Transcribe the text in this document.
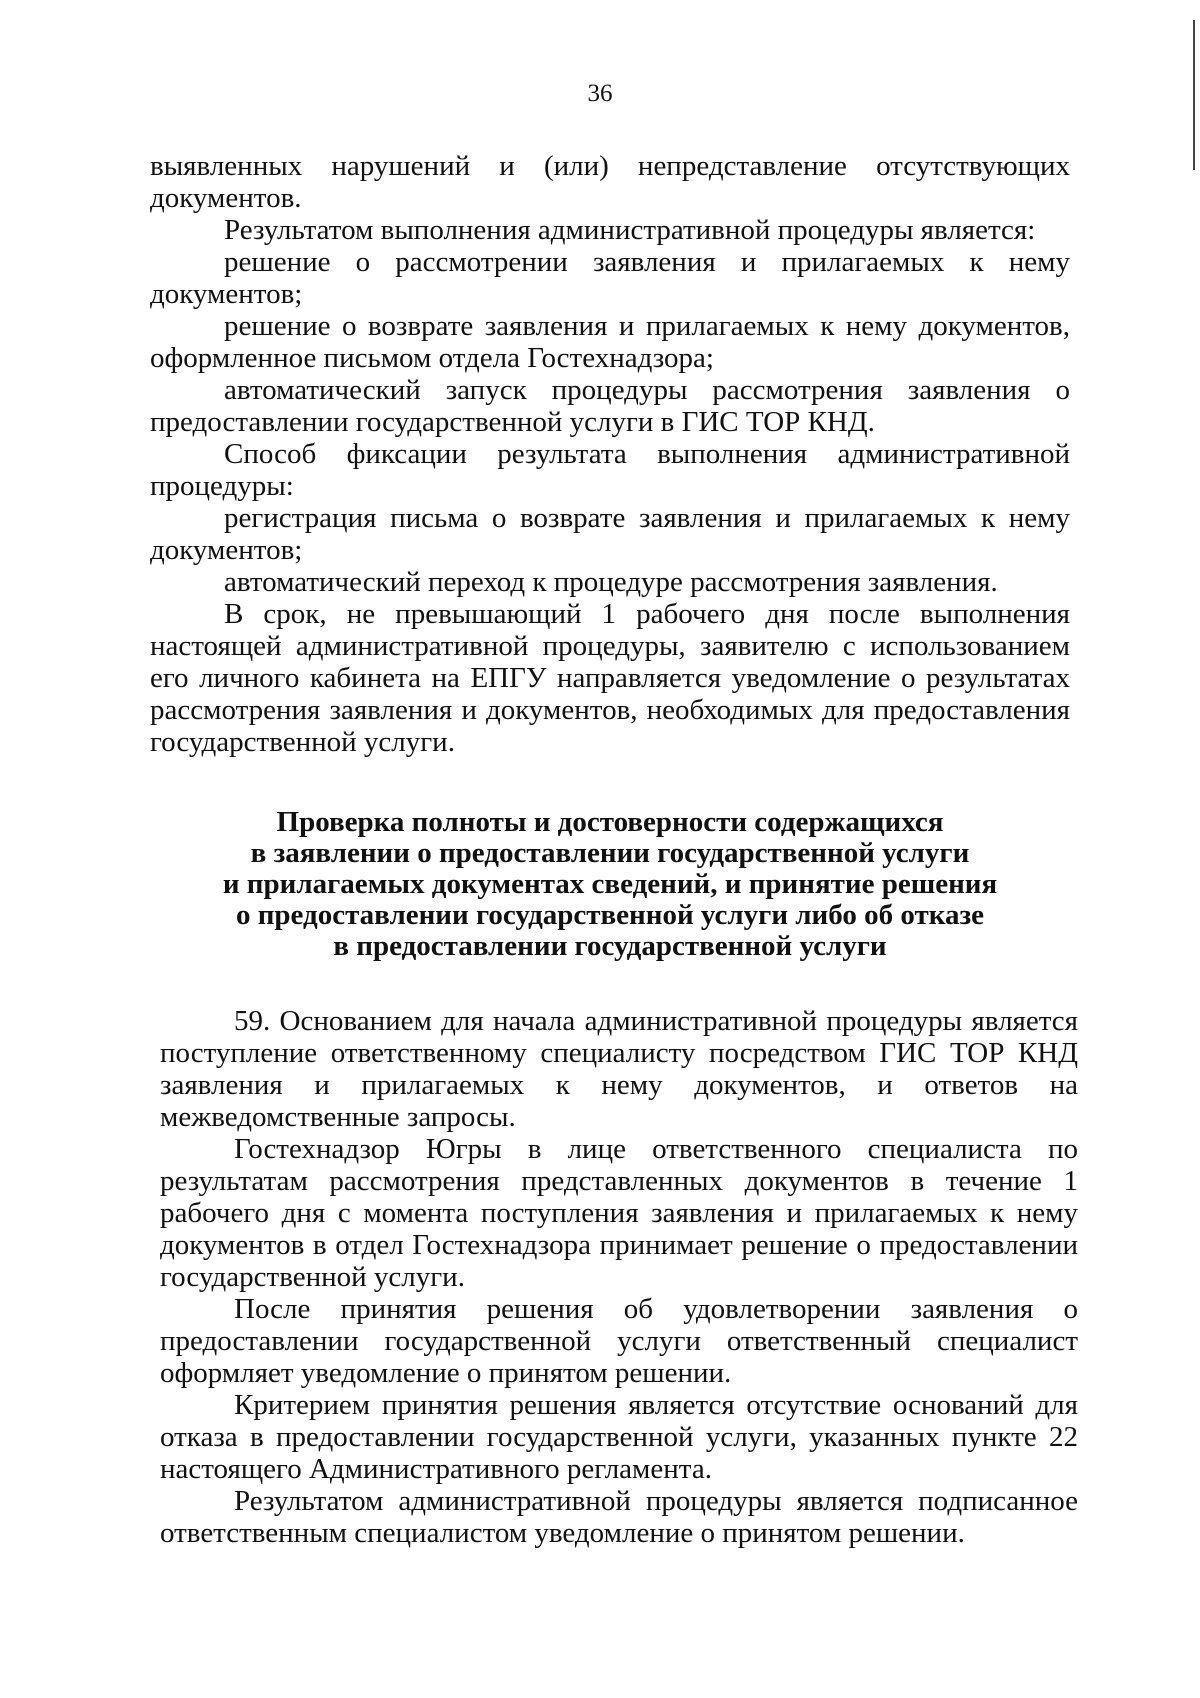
36

выявленных нарушений и (или) непредставление отсутствующих документов.

Результатом выполнения административной процедуры является:

решение о рассмотрении заявления и прилагаемых к нему документов;

решение о возврате заявления и прилагаемых к нему документов, оформленное письмом отдела Гостехнадзора;

автоматический запуск процедуры рассмотрения заявления о предоставлении государственной услуги в ГИС ТОР КНД.

Способ фиксации результата выполнения административной процедуры:

регистрация письма о возврате заявления и прилагаемых к нему документов;

автоматический переход к процедуре рассмотрения заявления.

В срок, не превышающий 1 рабочего дня после выполнения настоящей административной процедуры, заявителю с использованием его личного кабинета на ЕПГУ направляется уведомление о результатах рассмотрения заявления и документов, необходимых для предоставления государственной услуги.

Проверка полноты и достоверности содержащихся
в заявлении о предоставлении государственной услуги
и прилагаемых документах сведений, и принятие решения
о предоставлении государственной услуги либо об отказе
в предоставлении государственной услуги

59. Основанием для начала административной процедуры является поступление ответственному специалисту посредством ГИС ТОР КНД заявления и прилагаемых к нему документов, и ответов на межведомственные запросы.

Гостехнадзор Югры в лице ответственного специалиста по результатам рассмотрения представленных документов в течение 1 рабочего дня с момента поступления заявления и прилагаемых к нему документов в отдел Гостехнадзора принимает решение о предоставлении государственной услуги.

После принятия решения об удовлетворении заявления о предоставлении государственной услуги ответственный специалист оформляет уведомление о принятом решении.

Критерием принятия решения является отсутствие оснований для отказа в предоставлении государственной услуги, указанных пункте 22 настоящего Административного регламента.

Результатом административной процедуры является подписанное ответственным специалистом уведомление о принятом решении.
